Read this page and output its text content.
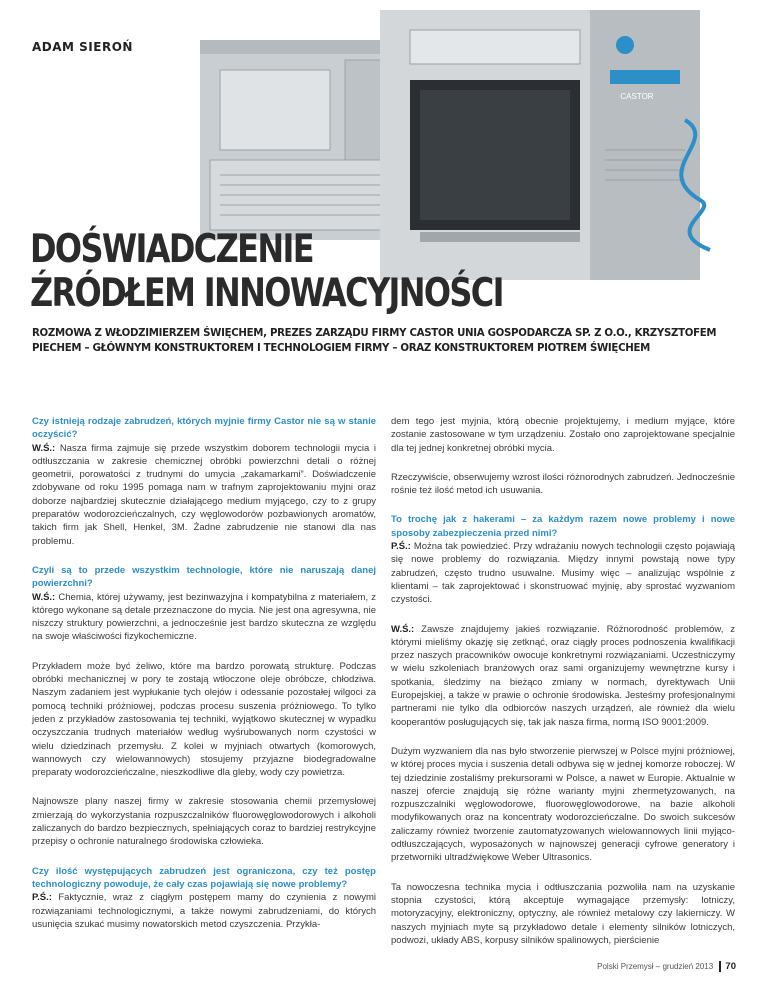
ADAM SIEROŃ
CASTOR
DOŚWIADCZENIE
ŹRÓDŁEM INNOWACYJNOŚCI

ROZMOWA Z WŁODZIMIERZEM ŚWIĘCHEM, PREZES ZARZĄDU FIRMY CASTOR UNIA GOSPODARCZA SP. Z O.O., KRZYSZTOFEM PIECHEM – GŁÓWNYM KONSTRUKTOREM I TECHNOLOGIEM FIRMY – ORAZ KONSTRUKTOREM PIOTREM ŚWIĘCHEM

Czy istnieją rodzaje zabrudzeń, których myjnie firmy Castor nie są w stanie oczyścić?
W.Ś.: Nasza firma zajmuje się przede wszystkim doborem technologii mycia i odtłuszczania w zakresie chemicznej obróbki powierzchni detali o różnej geometrii, porowatości z trudnymi do umycia „zakamarkami”. Doświadczenie zdobywane od roku 1995 pomaga nam w trafnym zaprojektowaniu myjni oraz doborze najbardziej skutecznie działającego medium myjącego, czy to z grupy preparatów wodorozcieńczalnych, czy węglowodorów pozbawionych aromatów, takich firm jak Shell, Henkel, 3M. Żadne zabrudzenie nie stanowi dla nas problemu.

Czyli są to przede wszystkim technologie, które nie naruszają danej powierzchni?
W.Ś.: Chemia, której używamy, jest bezinwazyjna i kompatybilna z materiałem, z którego wykonane są detale przeznaczone do mycia. Nie jest ona agresywna, nie niszczy struktury powierzchni, a jednocześnie jest bardzo skuteczna ze względu na swoje właściwości fizykochemiczne.

Przykładem może być żeliwo, które ma bardzo porowatą strukturę. Podczas obróbki mechanicznej w pory te zostają wtłoczone oleje obróbcze, chłodziwa. Naszym zadaniem jest wypłukanie tych olejów i odessanie pozostałej wilgoci za pomocą techniki próżniowej, podczas procesu suszenia próżniowego. To tylko jeden z przykładów zastosowania tej techniki, wyjątkowo skutecznej w wypadku oczyszczania trudnych materiałów według wyśrubowanych norm czystości w wielu dziedzinach przemysłu. Z kolei w myjniach otwartych (komorowych, wannowych czy wielowannowych) stosujemy przyjazne biodegradowalne preparaty wodorozcieńczalne, nieszkodliwe dla gleby, wody czy powietrza.

Najnowsze plany naszej firmy w zakresie stosowania chemii przemysłowej zmierzają do wykorzystania rozpuszczalników fluorowęglowodorowych i alkoholi zaliczanych do bardzo bezpiecznych, spełniających coraz to bardziej restrykcyjne przepisy o ochronie naturalnego środowiska człowieka.

Czy ilość występujących zabrudzeń jest ograniczona, czy też postęp technologiczny powoduje, że cały czas pojawiają się nowe problemy?
P.Ś.: Faktycznie, wraz z ciągłym postępem mamy do czynienia z nowymi rozwiązaniami technologicznymi, a także nowymi zabrudzeniami, do których usunięcia szukać musimy nowatorskich metod czyszczenia. Przykła-

dem tego jest myjnia, którą obecnie projektujemy, i medium myjące, które zostanie zastosowane w tym urządzeniu. Zostało ono zaprojektowane specjalnie dla tej jednej konkretnej obróbki mycia.

Rzeczywiście, obserwujemy wzrost ilości różnorodnych zabrudzeń. Jednocześnie rośnie też ilość metod ich usuwania.

To trochę jak z hakerami – za każdym razem nowe problemy i nowe sposoby zabezpieczenia przed nimi?
P.Ś.: Można tak powiedzieć. Przy wdrażaniu nowych technologii często pojawiają się nowe problemy do rozwiązania. Między innymi powstają nowe typy zabrudzeń, często trudno usuwalne. Musimy więc – analizując wspólnie z klientami – tak zaprojektować i skonstruować myjnię, aby sprostać wyzwaniom czystości.

W.Ś.: Zawsze znajdujemy jakieś rozwiązanie. Różnorodność problemów, z którymi mieliśmy okazję się zetknąć, oraz ciągły proces podnoszenia kwalifikacji przez naszych pracowników owocuje konkretnymi rozwiązaniami. Uczestniczymy w wielu szkoleniach branżowych oraz sami organizujemy wewnętrzne kursy i spotkania, śledzimy na bieżąco zmiany w normach, dyrektywach Unii Europejskiej, a także w prawie o ochronie środowiska. Jesteśmy profesjonalnymi partnerami nie tylko dla odbiorców naszych urządzeń, ale również dla wielu kooperantów posługujących się, tak jak nasza firma, normą ISO 9001:2009.

Dużym wyzwaniem dla nas było stworzenie pierwszej w Polsce myjni próżniowej, w której proces mycia i suszenia detali odbywa się w jednej komorze roboczej. W tej dziedzinie zostaliśmy prekursorami w Polsce, a nawet w Europie. Aktualnie w naszej ofercie znajdują się różne warianty myjni zhermetyzowanych, na rozpuszczalniki węglowodorowe, fluorowęglowodorowe, na bazie alkoholi modyfikowanych oraz na koncentraty wodorozcieńczalne. Do swoich sukcesów zaliczamy również tworzenie zautomatyzowanych wielowannowych linii myjąco-odtłuszczających, wyposażonych w najnowszej generacji cyfrowe generatory i przetworniki ultradźwiękowe Weber Ultrasonics.

Ta nowoczesna technika mycia i odtłuszczania pozwoliła nam na uzyskanie stopnia czystości, którą akceptuje wymagające przemysły: lotniczy, motoryzacyjny, elektroniczny, optyczny, ale również metalowy czy lakierniczy. W naszych myjniach myte są przykładowo detale i elementy silników lotniczych, podwozi, układy ABS, korpusy silników spalinowych, pierścienie

Polski Przemysł – grudzień 2013 70
